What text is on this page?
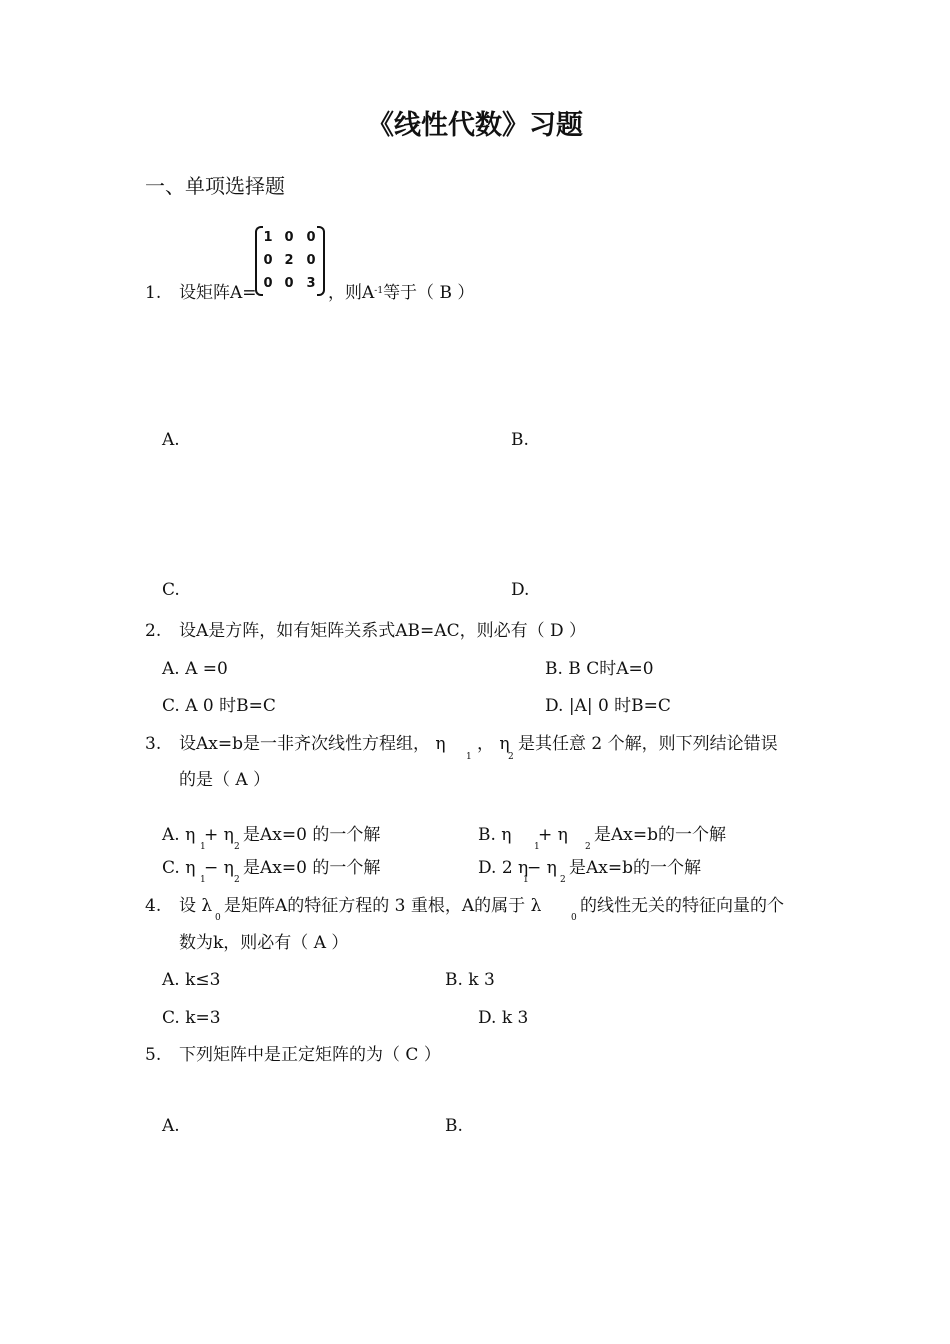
《线性代数》习题
一、单项选择题
1. 设矩阵A=
1 0 0
0 2 0
0 0 3 ，则$A^{-1}$等于（ B ）
A.	B.
C.	D.
2. 设A是方阵，如有矩阵关系式AB=AC，则必有（ D ）
A. A =0	B. B C时A=0
C. A 0 时B=C	D. |A| 0 时B=C
3. 设Ax=b是一非齐次线性方程组， η
1
， η
2
是其任意 2 个解，则下列结论错误
的是（ A ）
A. η
1
+ η
2
是Ax=0 的一个解	B. η
1
+ η
2
是Ax=b的一个解
C. η
1
− η
2
是Ax=0 的一个解	D. 2 η
1
− η
2
是Ax=b的一个解
4. 设 λ
0
是矩阵A的特征方程的 3 重根，A的属于 λ
0
的线性无关的特征向量的个
数为k，则必有（ A ）
A. k≤3	B. k 3
C. k=3	D. k 3
5. 下列矩阵中是正定矩阵的为（ C ）
A.	B.
